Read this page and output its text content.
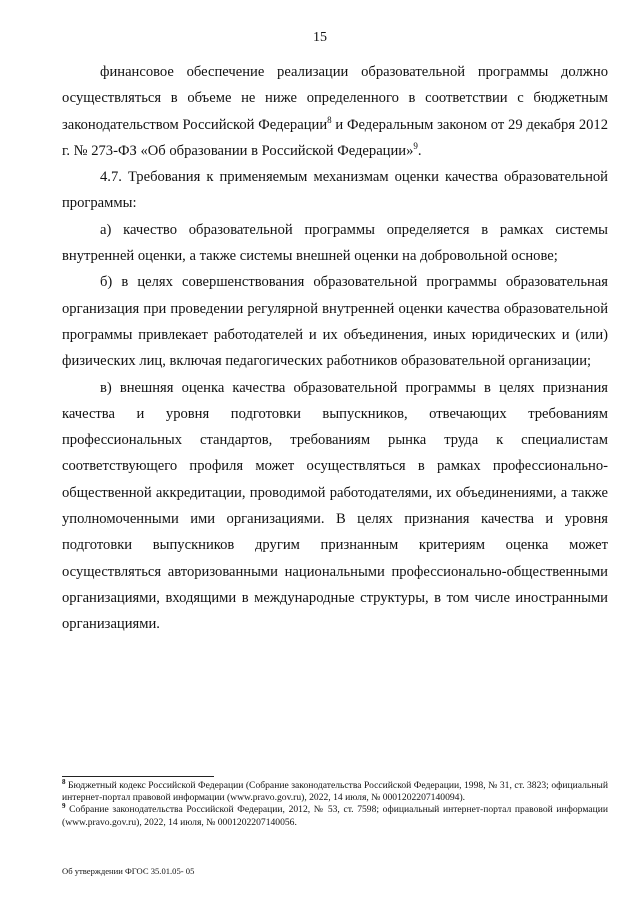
15

финансовое обеспечение реализации образовательной программы должно осуществляться в объеме не ниже определенного в соответствии с бюджетным законодательством Российской Федерации$^8$ и Федеральным законом от 29 декабря 2012 г. № 273-ФЗ «Об образовании в Российской Федерации»$^9$.

4.7. Требования к применяемым механизмам оценки качества образовательной программы:

а) качество образовательной программы определяется в рамках системы внутренней оценки, а также системы внешней оценки на добровольной основе;

б) в целях совершенствования образовательной программы образовательная организация при проведении регулярной внутренней оценки качества образовательной программы привлекает работодателей и их объединения, иных юридических и (или) физических лиц, включая педагогических работников образовательной организации;

в) внешняя оценка качества образовательной программы в целях признания качества и уровня подготовки выпускников, отвечающих требованиям профессиональных стандартов, требованиям рынка труда к специалистам соответствующего профиля может осуществляться в рамках профессионально-общественной аккредитации, проводимой работодателями, их объединениями, а также уполномоченными ими организациями. В целях признания качества и уровня подготовки выпускников другим признанным критериям оценка может осуществляться авторизованными национальными профессионально-общественными организациями, входящими в международные структуры, в том числе иностранными организациями.

$^8$ Бюджетный кодекс Российской Федерации (Собрание законодательства Российской Федерации, 1998, № 31, ст. 3823; официальный интернет-портал правовой информации (www.pravo.gov.ru), 2022, 14 июля, № 0001202207140094).

$^9$ Собрание законодательства Российской Федерации, 2012, № 53, ст. 7598; официальный интернет-портал правовой информации (www.pravo.gov.ru), 2022, 14 июля, № 0001202207140056.

Об утверждении ФГОС 35.01.05- 05
